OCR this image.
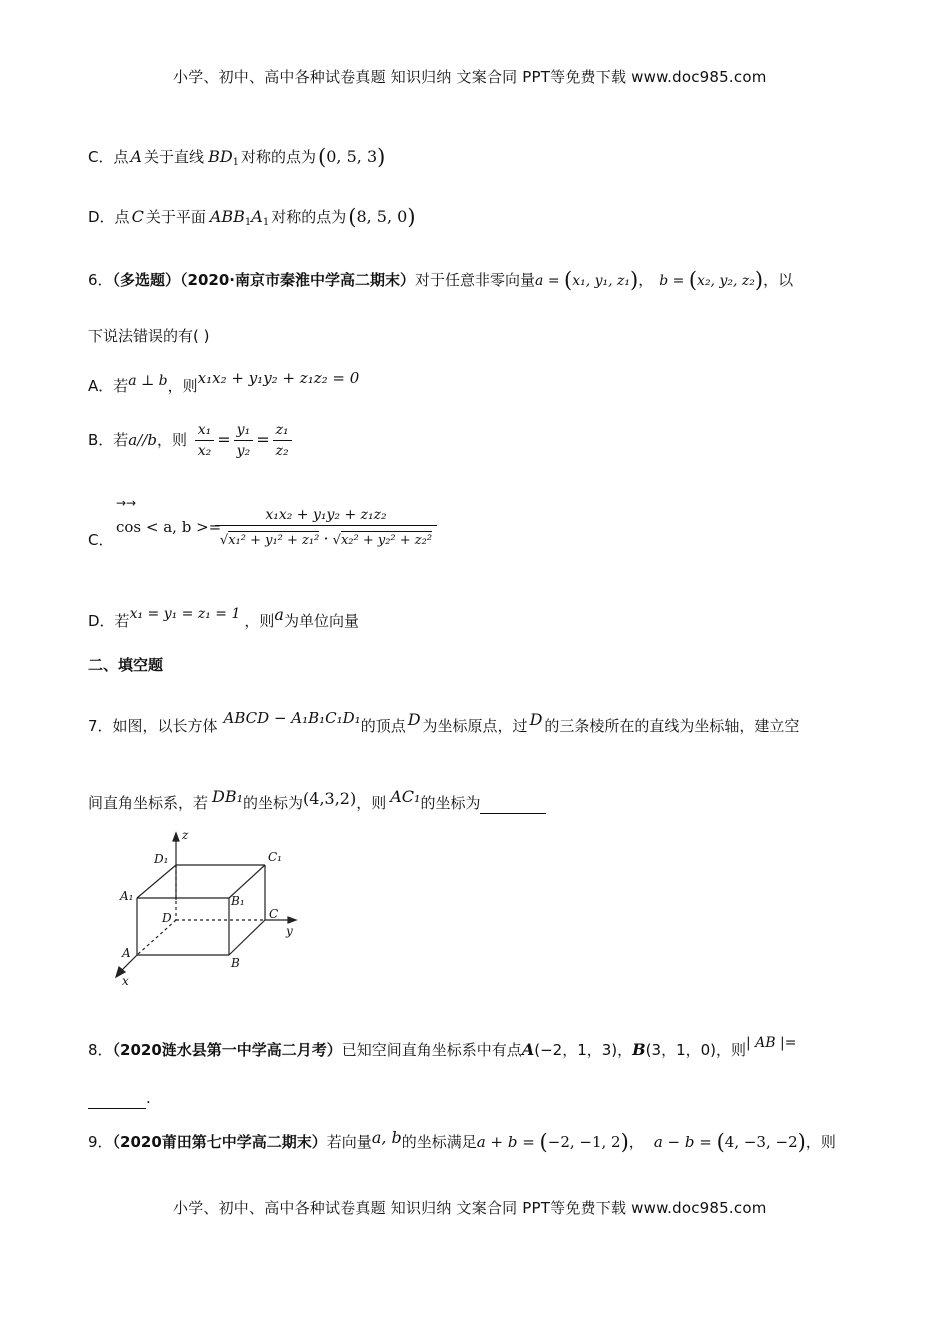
小学、初中、高中各种试卷真题 知识归纳 文案合同 PPT等免费下载 www.doc985.com
小学、初中、高中各种试卷真题 知识归纳 文案合同 PPT等免费下载 www.doc985.com
C．点 A 关于直线 $BD_1$ 对称的点为(0, 5, 3)
D．点 C 关于平面 $ABB_1A_1$ 对称的点为(8, 5, 0)
6．（多选题）（2020·南京市秦淮中学高二期末）对于任意非零向量a = (x₁, y₁, z₁)， b = (x₂, y₂, z₂)，以
下说法错误的有( )
A．若a ⊥ b，则x₁x₂ + y₁y₂ + z₁z₂ = 0
B．若a//b，则 $\frac{\text{x₁}}{\text{x₂}} = \frac{\text{y₁}}{\text{y₂}} = \frac{\text{z₁}}{\text{z₂}}$
C．
→→
cos < a, b >=
x₁x₂ + y₁y₂ + z₁z₂
√x₁² + y₁² + z₁² · √x₂² + y₂² + z₂²
D．若x₁ = y₁ = z₁ = 1 ，则a为单位向量
二、填空题
7．如图，以长方体 ABCD − A₁B₁C₁D₁的顶点 D 为坐标原点，过 D 的三条棱所在的直线为坐标轴，建立空
间直角坐标系，若 DB₁的坐标为(4,3,2)，则 AC₁的坐标为
z
y
x
D₁	C₁
A₁	B₁
D	C
A
B
8．（2020涟水县第一中学高二月考）已知空间直角坐标系中有点A(−2，1，3)，B(3，1，0)，则| AB |=
.
9．（2020莆田第七中学高二期末）若向量a, b的坐标满足a + b = (−2, −1, 2)， a − b = (4, −3, −2)，则
